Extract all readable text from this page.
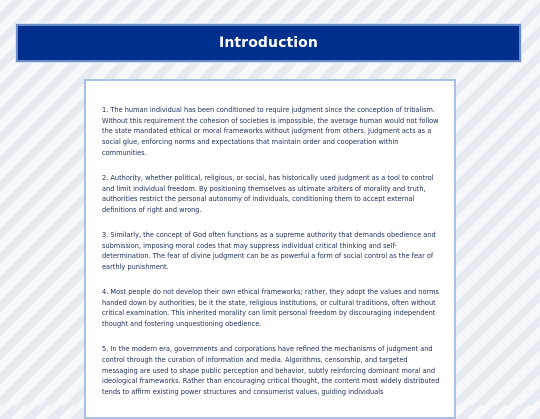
Introduction

1. The human individual has been conditioned to require judgment since the conception of tribalism. Without this requirement the cohesion of societies is impossible, the average human would not follow the state mandated ethical or moral frameworks without judgment from others. Judgment acts as a social glue, enforcing norms and expectations that maintain order and cooperation within communities.

2. Authority, whether political, religious, or social, has historically used judgment as a tool to control and limit individual freedom. By positioning themselves as ultimate arbiters of morality and truth, authorities restrict the personal autonomy of individuals, conditioning them to accept external definitions of right and wrong.

3. Similarly, the concept of God often functions as a supreme authority that demands obedience and submission, imposing moral codes that may suppress individual critical thinking and self-determination. The fear of divine judgment can be as powerful a form of social control as the fear of earthly punishment.

4. Most people do not develop their own ethical frameworks; rather, they adopt the values and norms handed down by authorities, be it the state, religious institutions, or cultural traditions, often without critical examination. This inherited morality can limit personal freedom by discouraging independent thought and fostering unquestioning obedience.

5. In the modern era, governments and corporations have refined the mechanisms of judgment and control through the curation of information and media. Algorithms, censorship, and targeted messaging are used to shape public perception and behavior, subtly reinforcing dominant moral and ideological frameworks. Rather than encouraging critical thought, the content most widely distributed tends to affirm existing power structures and consumerist values, guiding individuals
